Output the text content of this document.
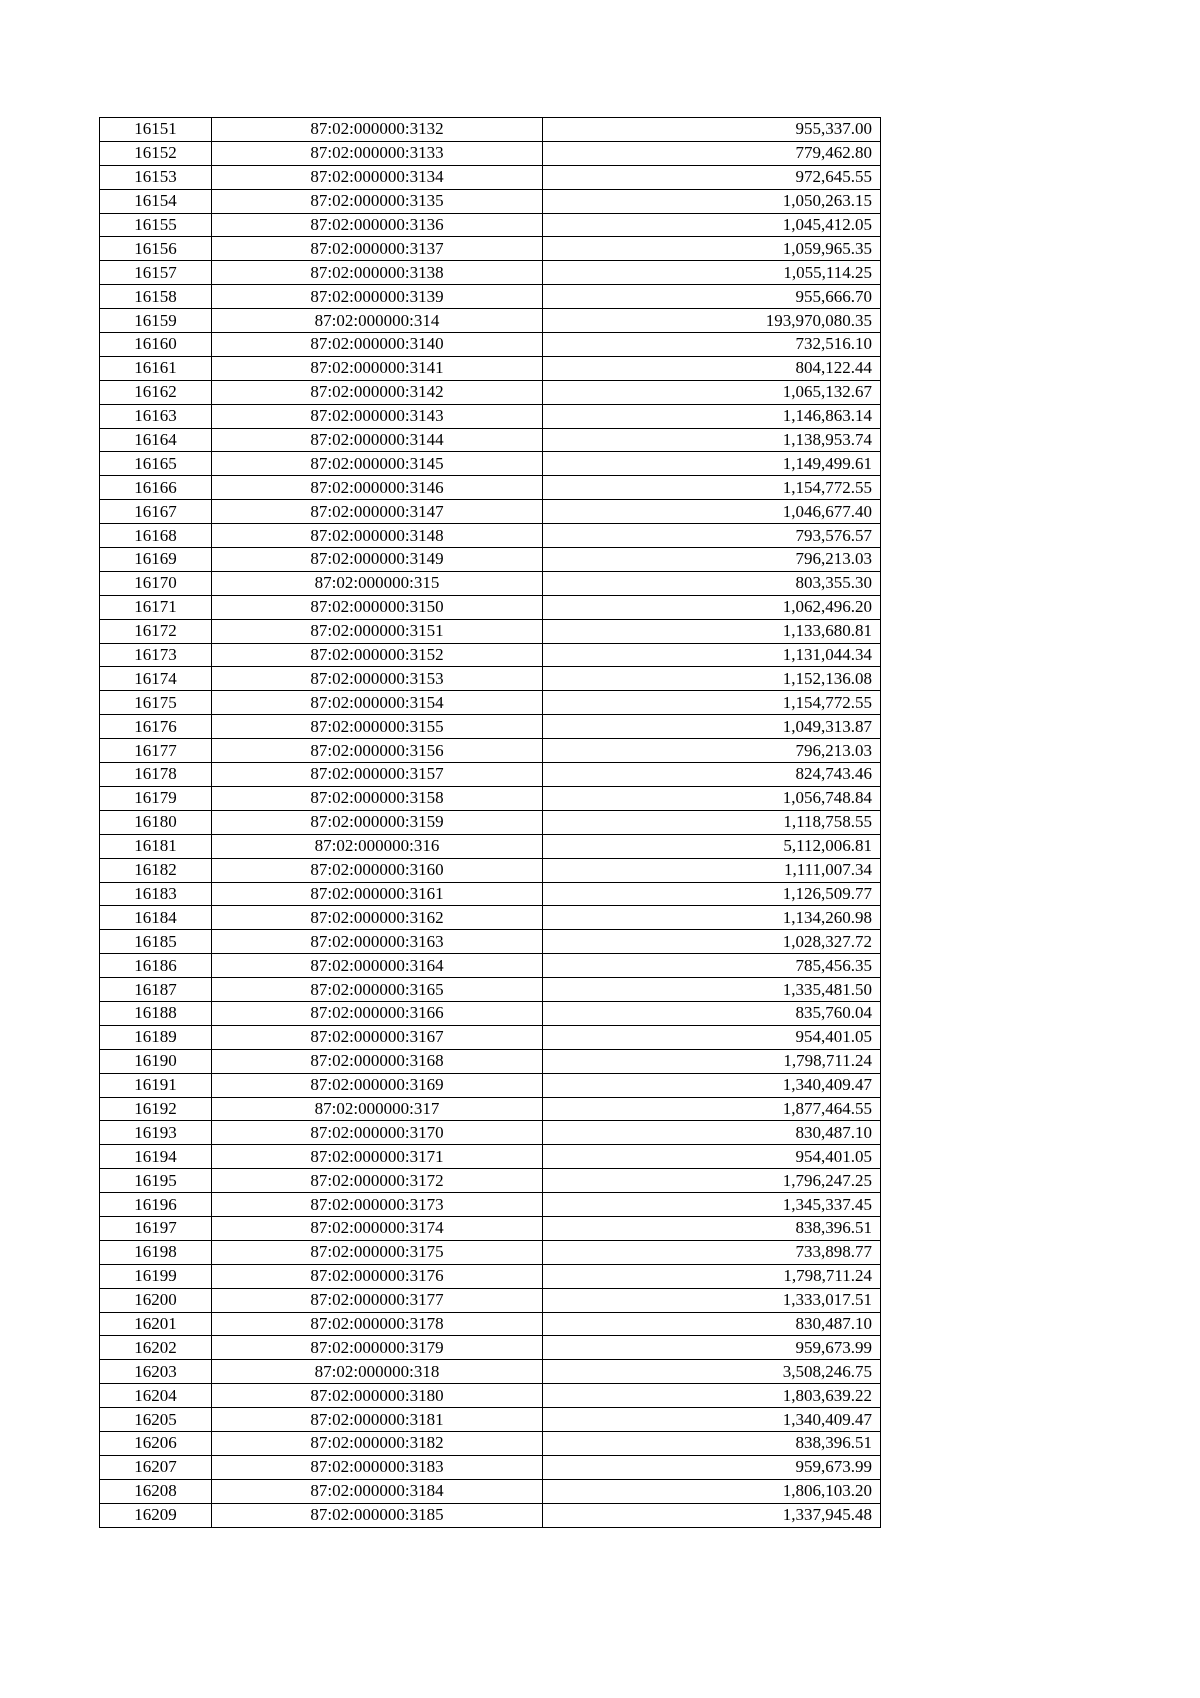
16151	87:02:000000:3132	955,337.00
16152	87:02:000000:3133	779,462.80
16153	87:02:000000:3134	972,645.55
16154	87:02:000000:3135	1,050,263.15
16155	87:02:000000:3136	1,045,412.05
16156	87:02:000000:3137	1,059,965.35
16157	87:02:000000:3138	1,055,114.25
16158	87:02:000000:3139	955,666.70
16159	87:02:000000:314	193,970,080.35
16160	87:02:000000:3140	732,516.10
16161	87:02:000000:3141	804,122.44
16162	87:02:000000:3142	1,065,132.67
16163	87:02:000000:3143	1,146,863.14
16164	87:02:000000:3144	1,138,953.74
16165	87:02:000000:3145	1,149,499.61
16166	87:02:000000:3146	1,154,772.55
16167	87:02:000000:3147	1,046,677.40
16168	87:02:000000:3148	793,576.57
16169	87:02:000000:3149	796,213.03
16170	87:02:000000:315	803,355.30
16171	87:02:000000:3150	1,062,496.20
16172	87:02:000000:3151	1,133,680.81
16173	87:02:000000:3152	1,131,044.34
16174	87:02:000000:3153	1,152,136.08
16175	87:02:000000:3154	1,154,772.55
16176	87:02:000000:3155	1,049,313.87
16177	87:02:000000:3156	796,213.03
16178	87:02:000000:3157	824,743.46
16179	87:02:000000:3158	1,056,748.84
16180	87:02:000000:3159	1,118,758.55
16181	87:02:000000:316	5,112,006.81
16182	87:02:000000:3160	1,111,007.34
16183	87:02:000000:3161	1,126,509.77
16184	87:02:000000:3162	1,134,260.98
16185	87:02:000000:3163	1,028,327.72
16186	87:02:000000:3164	785,456.35
16187	87:02:000000:3165	1,335,481.50
16188	87:02:000000:3166	835,760.04
16189	87:02:000000:3167	954,401.05
16190	87:02:000000:3168	1,798,711.24
16191	87:02:000000:3169	1,340,409.47
16192	87:02:000000:317	1,877,464.55
16193	87:02:000000:3170	830,487.10
16194	87:02:000000:3171	954,401.05
16195	87:02:000000:3172	1,796,247.25
16196	87:02:000000:3173	1,345,337.45
16197	87:02:000000:3174	838,396.51
16198	87:02:000000:3175	733,898.77
16199	87:02:000000:3176	1,798,711.24
16200	87:02:000000:3177	1,333,017.51
16201	87:02:000000:3178	830,487.10
16202	87:02:000000:3179	959,673.99
16203	87:02:000000:318	3,508,246.75
16204	87:02:000000:3180	1,803,639.22
16205	87:02:000000:3181	1,340,409.47
16206	87:02:000000:3182	838,396.51
16207	87:02:000000:3183	959,673.99
16208	87:02:000000:3184	1,806,103.20
16209	87:02:000000:3185	1,337,945.48
